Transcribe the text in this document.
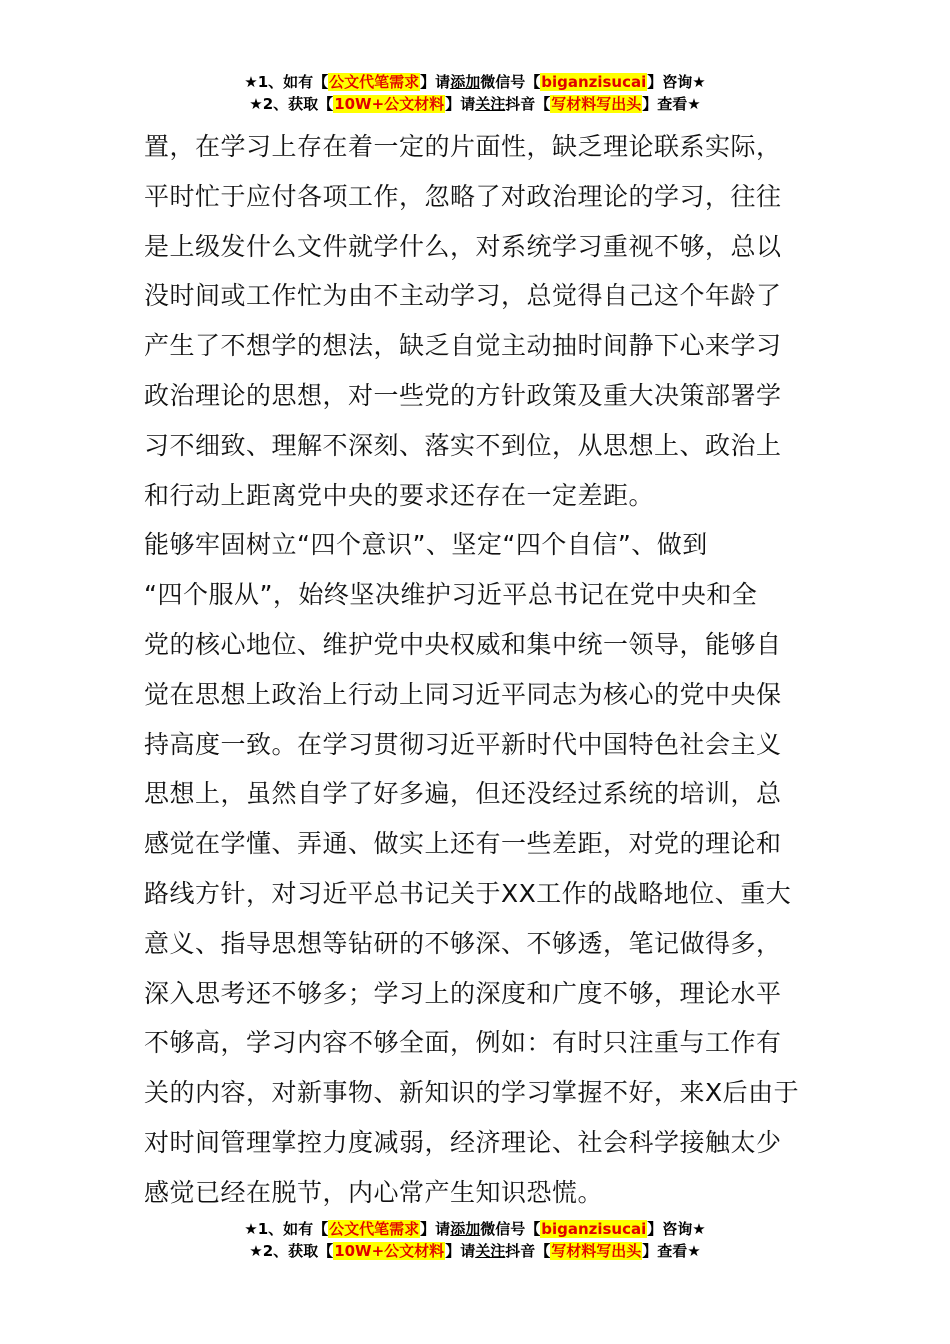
★1、如有【公文代笔需求】请添加微信号【biganzisucai】咨询★
★2、获取【10W+公文材料】请关注抖音【写材料写出头】查看★
置，在学习上存在着一定的片面性，缺乏理论联系实际，
平时忙于应付各项工作，忽略了对政治理论的学习，往往
是上级发什么文件就学什么，对系统学习重视不够，总以
没时间或工作忙为由不主动学习，总觉得自己这个年龄了
产生了不想学的想法，缺乏自觉主动抽时间静下心来学习
政治理论的思想，对一些党的方针政策及重大决策部署学
习不细致、理解不深刻、落实不到位，从思想上、政治上
和行动上距离党中央的要求还存在一定差距。
能够牢固树立“四个意识”、坚定“四个自信”、做到
“四个服从”，始终坚决维护习近平总书记在党中央和全
党的核心地位、维护党中央权威和集中统一领导，能够自
觉在思想上政治上行动上同习近平同志为核心的党中央保
持高度一致。在学习贯彻习近平新时代中国特色社会主义
思想上，虽然自学了好多遍，但还没经过系统的培训，总
感觉在学懂、弄通、做实上还有一些差距，对党的理论和
路线方针，对习近平总书记关于XX工作的战略地位、重大
意义、指导思想等钻研的不够深、不够透，笔记做得多，
深入思考还不够多；学习上的深度和广度不够，理论水平
不够高，学习内容不够全面，例如：有时只注重与工作有
关的内容，对新事物、新知识的学习掌握不好，来X后由于
对时间管理掌控力度减弱，经济理论、社会科学接触太少
感觉已经在脱节，内心常产生知识恐慌。
★1、如有【公文代笔需求】请添加微信号【biganzisucai】咨询★
★2、获取【10W+公文材料】请关注抖音【写材料写出头】查看★
